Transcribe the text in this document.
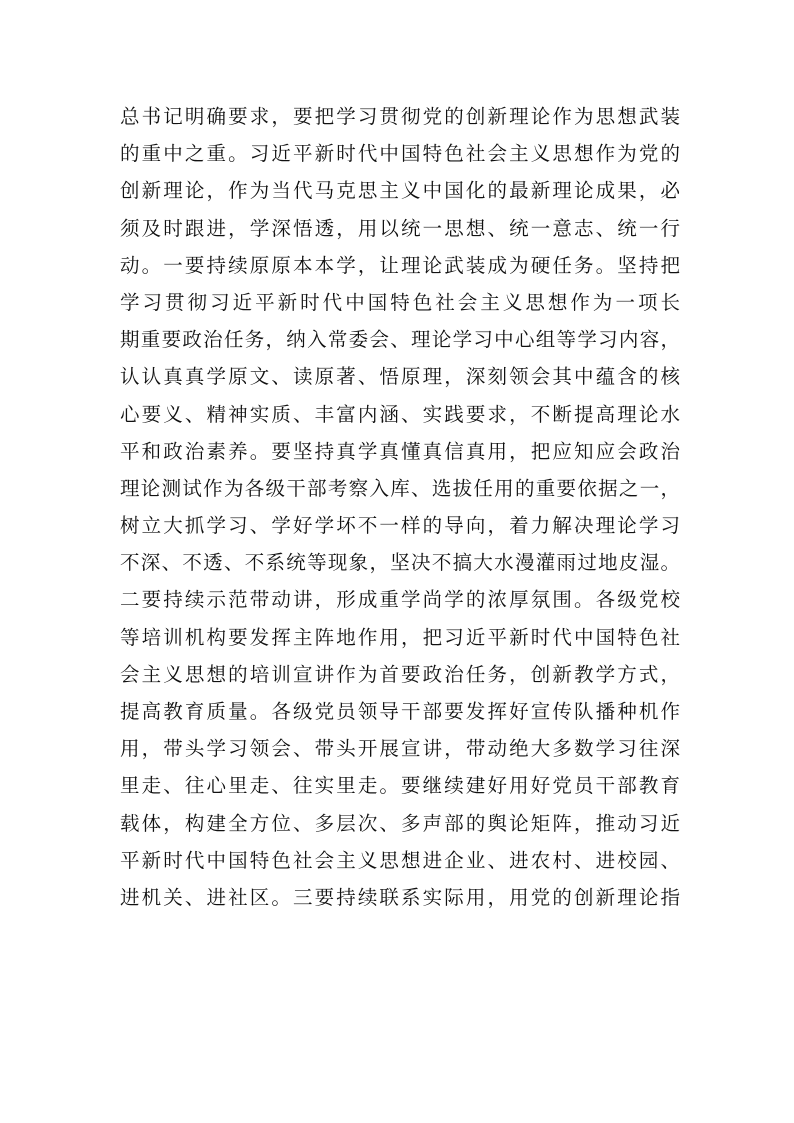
总书记明确要求，要把学习贯彻党的创新理论作为思想武装
的重中之重。习近平新时代中国特色社会主义思想作为党的
创新理论，作为当代马克思主义中国化的最新理论成果，必
须及时跟进，学深悟透，用以统一思想、统一意志、统一行
动。一要持续原原本本学，让理论武装成为硬任务。坚持把
学习贯彻习近平新时代中国特色社会主义思想作为一项长
期重要政治任务，纳入常委会、理论学习中心组等学习内容，
认认真真学原文、读原著、悟原理，深刻领会其中蕴含的核
心要义、精神实质、丰富内涵、实践要求，不断提高理论水
平和政治素养。要坚持真学真懂真信真用，把应知应会政治
理论测试作为各级干部考察入库、选拔任用的重要依据之一，
树立大抓学习、学好学坏不一样的导向，着力解决理论学习
不深、不透、不系统等现象，坚决不搞大水漫灌雨过地皮湿。
二要持续示范带动讲，形成重学尚学的浓厚氛围。各级党校
等培训机构要发挥主阵地作用，把习近平新时代中国特色社
会主义思想的培训宣讲作为首要政治任务，创新教学方式，
提高教育质量。各级党员领导干部要发挥好宣传队播种机作
用，带头学习领会、带头开展宣讲，带动绝大多数学习往深
里走、往心里走、往实里走。要继续建好用好党员干部教育
载体，构建全方位、多层次、多声部的舆论矩阵，推动习近
平新时代中国特色社会主义思想进企业、进农村、进校园、
进机关、进社区。三要持续联系实际用，用党的创新理论指
